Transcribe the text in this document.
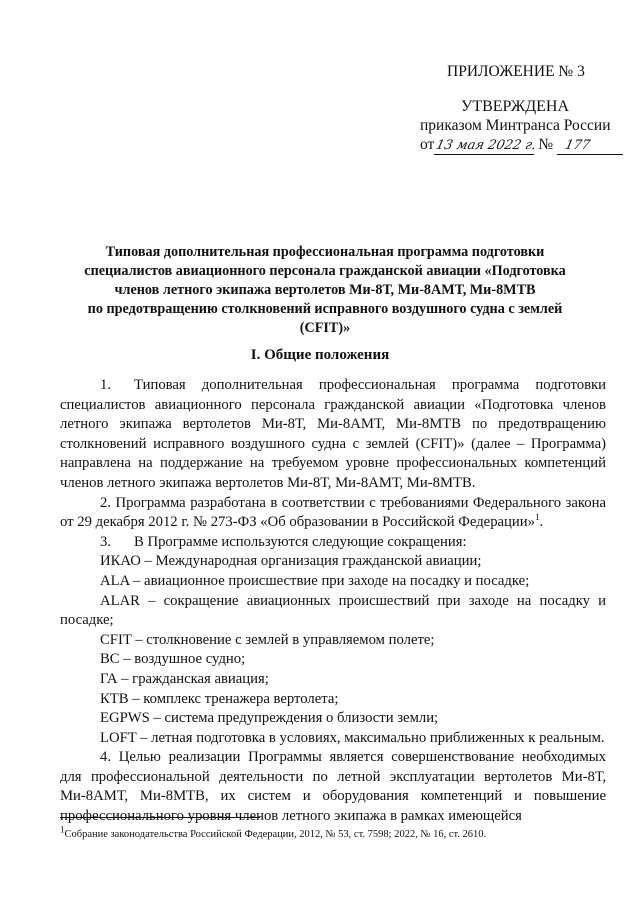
ПРИЛОЖЕНИЕ № 3
УТВЕРЖДЕНА
приказом Минтранса России
от 13 мая 2022 г. № 177
Типовая дополнительная профессиональная программа подготовки
специалистов авиационного персонала гражданской авиации «Подготовка
членов летного экипажа вертолетов Ми-8Т, Ми-8АМТ, Ми-8МТВ
по предотвращению столкновений исправного воздушного судна с землей
(CFIT)»
I. Общие положения

1. Типовая дополнительная профессиональная программа подготовки специалистов авиационного персонала гражданской авиации «Подготовка членов летного экипажа вертолетов Ми-8Т, Ми-8АМТ, Ми-8МТВ по предотвращению столкновений исправного воздушного судна с землей (CFIT)» (далее – Программа) направлена на поддержание на требуемом уровне профессиональных компетенций членов летного экипажа вертолетов Ми-8Т, Ми-8АМТ, Ми-8МТВ.

2. Программа разработана в соответствии с требованиями Федерального закона от 29 декабря 2012 г. № 273-ФЗ «Об образовании в Российской Федерации»$^1$.

3. В Программе используются следующие сокращения:

ИКАО – Международная организация гражданской авиации;

ALA – авиационное происшествие при заходе на посадку и посадке;

ALAR – сокращение авиационных происшествий при заходе на посадку и посадке;

CFIT – столкновение с землей в управляемом полете;

ВС – воздушное судно;

ГА – гражданская авиация;

КТВ – комплекс тренажера вертолета;

EGPWS – система предупреждения о близости земли;

LOFT – летная подготовка в условиях, максимально приближенных к реальным.

4. Целью реализации Программы является совершенствование необходимых для профессиональной деятельности по летной эксплуатации вертолетов Ми-8Т, Ми-8АМТ, Ми-8МТВ, их систем и оборудования компетенций и повышение профессионального уровня членов летного экипажа в рамках имеющейся

$^1$Собрание законодательства Российской Федерации, 2012, № 53, ст. 7598; 2022, № 16, ст. 2610.
